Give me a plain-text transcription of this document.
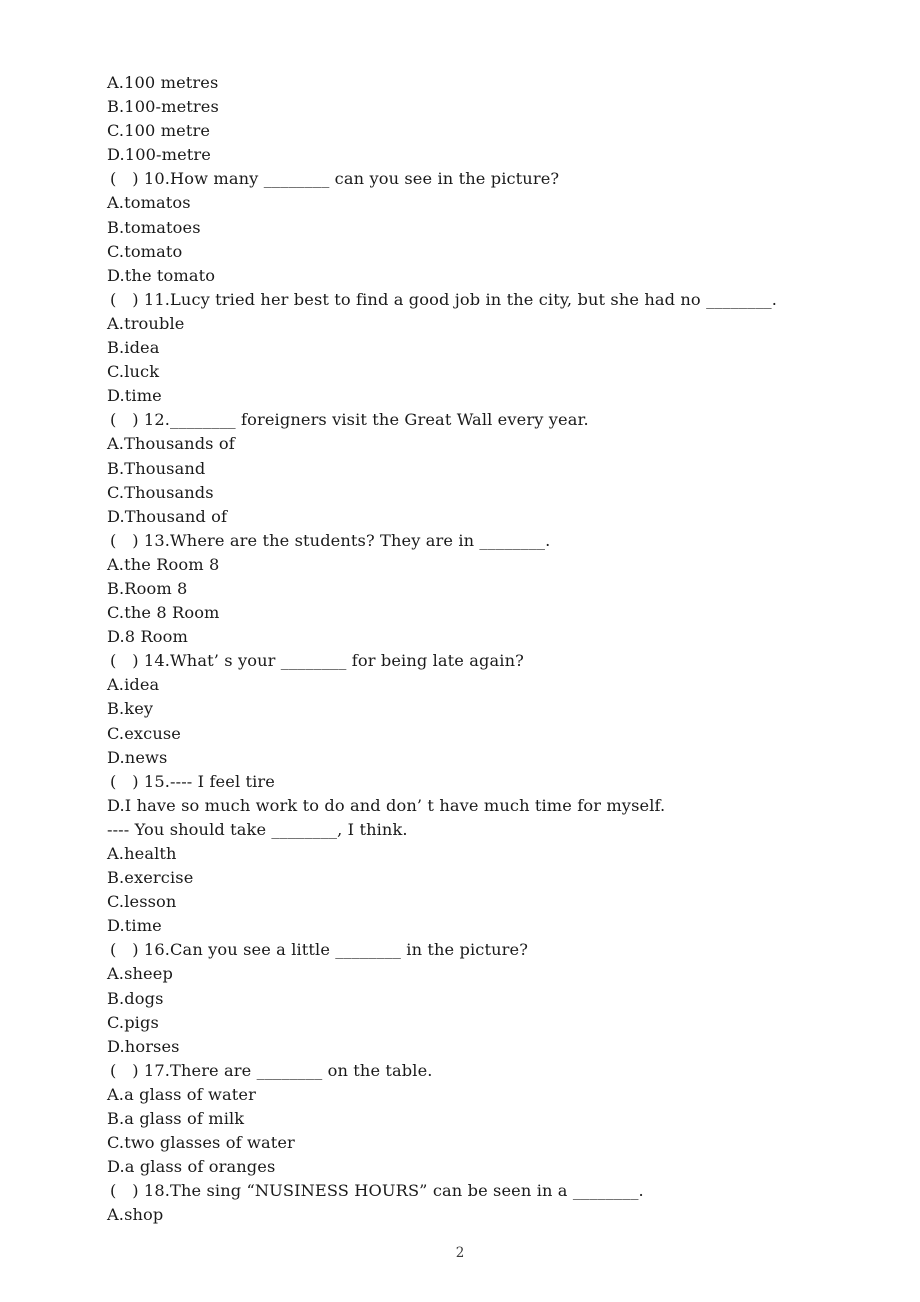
A.100 metres
B.100-metres
C.100 metre
D.100-metre
(   ) 10.How many ________ can you see in the picture?
A.tomatos
B.tomatoes
C.tomato
D.the tomato
(   ) 11.Lucy tried her best to find a good job in the city, but she had no ________.
A.trouble
B.idea
C.luck
D.time
(   ) 12.________ foreigners visit the Great Wall every year.
A.Thousands of
B.Thousand
C.Thousands
D.Thousand of
(   ) 13.Where are the students? They are in ________.
A.the Room 8
B.Room 8
C.the 8 Room
D.8 Room
(   ) 14.What’ s your ________ for being late again?
A.idea
B.key
C.excuse
D.news
(   ) 15.---- I feel tire
D.I have so much work to do and don’ t have much time for myself.
---- You should take ________, I think.
A.health
B.exercise
C.lesson
D.time
(   ) 16.Can you see a little ________ in the picture?
A.sheep
B.dogs
C.pigs
D.horses
(   ) 17.There are ________ on the table.
A.a glass of water
B.a glass of milk
C.two glasses of water
D.a glass of oranges
(   ) 18.The sing “NUSINESS HOURS” can be seen in a ________.
A.shop
2
